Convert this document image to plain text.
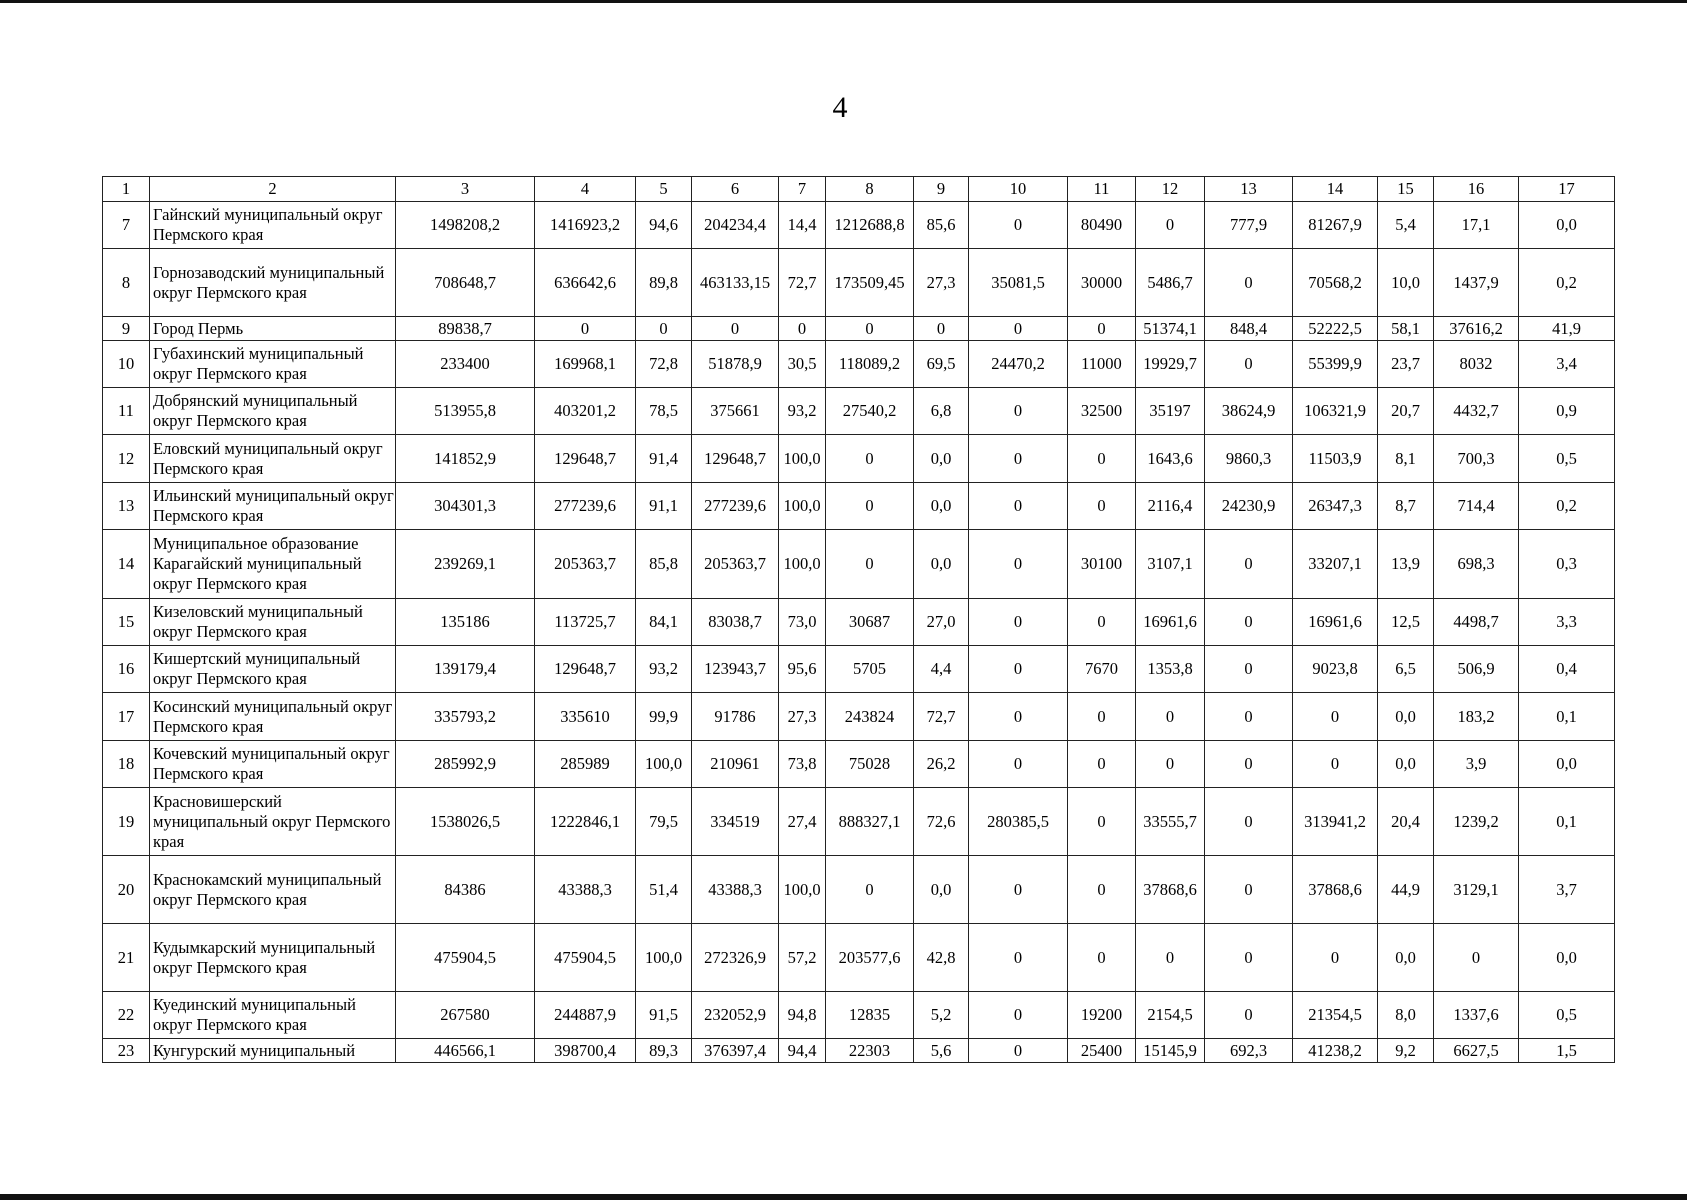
4
1	2	3	4	5	6	7	8	9	10	11	12	13	14	15	16	17
7	Гайнский муниципальный округ Пермского края	1498208,2	1416923,2	94,6	204234,4	14,4	1212688,8	85,6	0	80490	0	777,9	81267,9	5,4	17,1	0,0
8	Горнозаводский муниципальный округ Пермского края	708648,7	636642,6	89,8	463133,15	72,7	173509,45	27,3	35081,5	30000	5486,7	0	70568,2	10,0	1437,9	0,2
9	Город Пермь	89838,7	0	0	0	0	0	0	0	0	51374,1	848,4	52222,5	58,1	37616,2	41,9
10	Губахинский муниципальный округ Пермского края	233400	169968,1	72,8	51878,9	30,5	118089,2	69,5	24470,2	11000	19929,7	0	55399,9	23,7	8032	3,4
11	Добрянский муниципальный округ Пермского края	513955,8	403201,2	78,5	375661	93,2	27540,2	6,8	0	32500	35197	38624,9	106321,9	20,7	4432,7	0,9
12	Еловский муниципальный округ Пермского края	141852,9	129648,7	91,4	129648,7	100,0	0	0,0	0	0	1643,6	9860,3	11503,9	8,1	700,3	0,5
13	Ильинский муниципальный округ Пермского края	304301,3	277239,6	91,1	277239,6	100,0	0	0,0	0	0	2116,4	24230,9	26347,3	8,7	714,4	0,2
14	Муниципальное образование Карагайский муниципальный округ Пермского края	239269,1	205363,7	85,8	205363,7	100,0	0	0,0	0	30100	3107,1	0	33207,1	13,9	698,3	0,3
15	Кизеловский муниципальный округ Пермского края	135186	113725,7	84,1	83038,7	73,0	30687	27,0	0	0	16961,6	0	16961,6	12,5	4498,7	3,3
16	Кишертский муниципальный округ Пермского края	139179,4	129648,7	93,2	123943,7	95,6	5705	4,4	0	7670	1353,8	0	9023,8	6,5	506,9	0,4
17	Косинский муниципальный округ Пермского края	335793,2	335610	99,9	91786	27,3	243824	72,7	0	0	0	0	0	0,0	183,2	0,1
18	Кочевский муниципальный округ Пермского края	285992,9	285989	100,0	210961	73,8	75028	26,2	0	0	0	0	0	0,0	3,9	0,0
19	Красновишерский муниципальный округ Пермского края	1538026,5	1222846,1	79,5	334519	27,4	888327,1	72,6	280385,5	0	33555,7	0	313941,2	20,4	1239,2	0,1
20	Краснокамский муниципальный округ Пермского края	84386	43388,3	51,4	43388,3	100,0	0	0,0	0	0	37868,6	0	37868,6	44,9	3129,1	3,7
21	Кудымкарский муниципальный округ Пермского края	475904,5	475904,5	100,0	272326,9	57,2	203577,6	42,8	0	0	0	0	0	0,0	0	0,0
22	Куединский муниципальный округ Пермского края	267580	244887,9	91,5	232052,9	94,8	12835	5,2	0	19200	2154,5	0	21354,5	8,0	1337,6	0,5
23	Кунгурский муниципальный	446566,1	398700,4	89,3	376397,4	94,4	22303	5,6	0	25400	15145,9	692,3	41238,2	9,2	6627,5	1,5
